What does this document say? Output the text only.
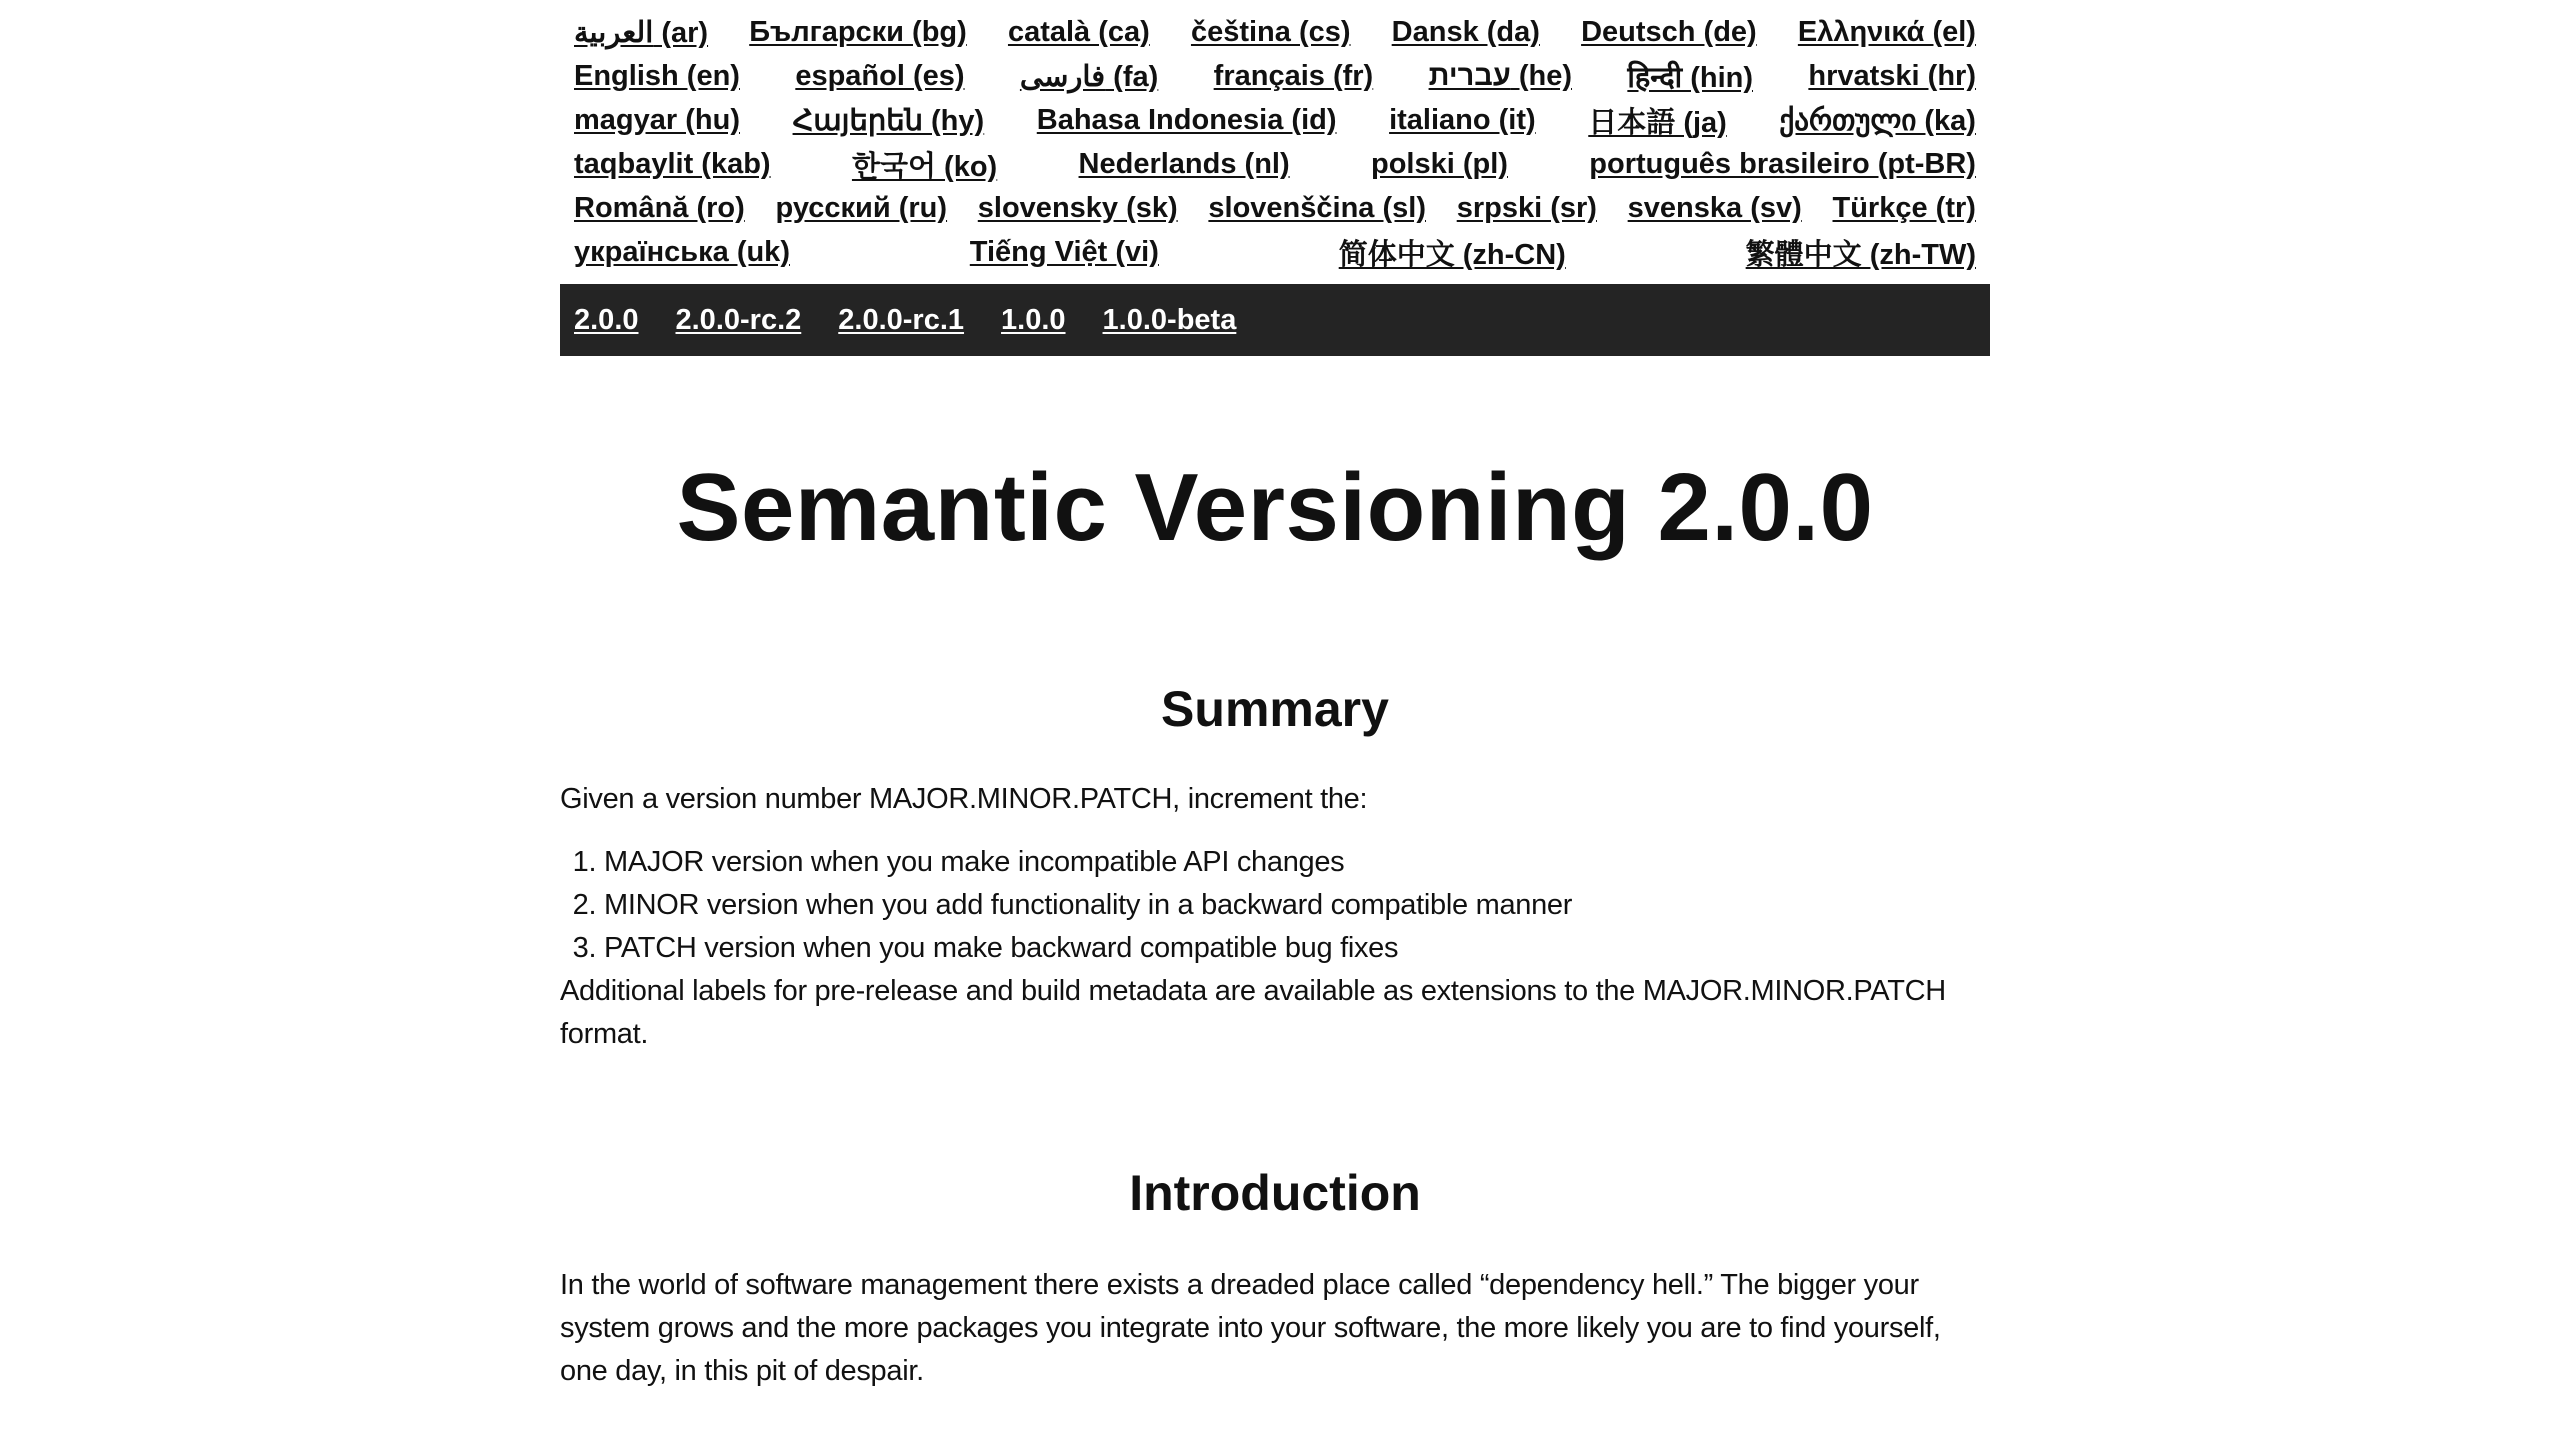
العربية (ar) Български (bg) català (ca) čeština (cs) Dansk (da) Deutsch (de) Ελληνικά (el)
English (en) español (es) فارسی (fa) français (fr) עברית (he) हिन्दी (hin) hrvatski (hr)
magyar (hu) Հայերեն (hy) Bahasa Indonesia (id) italiano (it) 日本語 (ja) ქართული (ka)
taqbaylit (kab)	한국어 (ko)	Nederlands (nl)	polski (pl)	português brasileiro (pt-BR)
Română (ro) русский (ru) slovensky (sk) slovenščina (sl) srpski (sr) svenska (sv) Türkçe (tr)
українська (uk)	Tiếng Việt (vi)	简体中文 (zh-CN)	繁體中文 (zh-TW)
2.0.0 2.0.0-rc.2 2.0.0-rc.1 1.0.0 1.0.0-beta
Semantic Versioning 2.0.0
Summary

Given a version number MAJOR.MINOR.PATCH, increment the:

1. MAJOR version when you make incompatible API changes
2. MINOR version when you add functionality in a backward compatible manner
3. PATCH version when you make backward compatible bug fixes

Additional labels for pre-release and build metadata are available as extensions to the MAJOR.MINOR.PATCH format.

Introduction

In the world of software management there exists a dreaded place called “dependency hell.” The bigger your system grows and the more packages you integrate into your software, the more likely you are to find yourself, one day, in this pit of despair.
